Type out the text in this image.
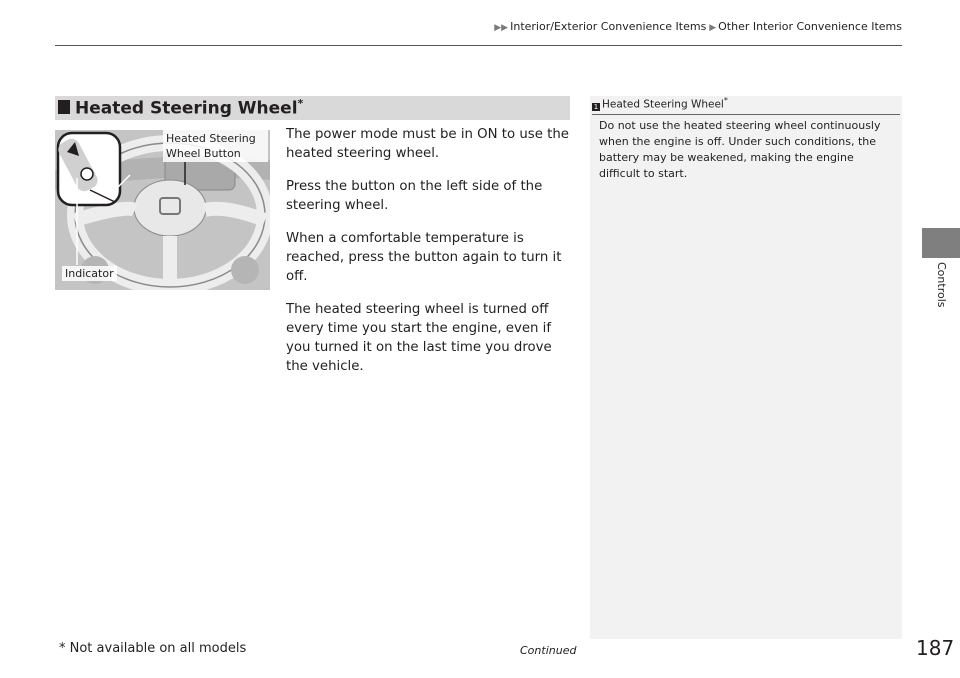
▶▶ Interior/Exterior Convenience Items ▶ Other Interior Convenience Items
Heated Steering Wheel*
Heated Steering Wheel Button
Indicator

The power mode must be in ON to use the heated steering wheel.

Press the button on the left side of the steering wheel.

When a comfortable temperature is reached, press the button again to turn it off.

The heated steering wheel is turned off every time you start the engine, even if you turned it on the last time you drove the vehicle.

1 Heated Steering Wheel*
Do not use the heated steering wheel continuously when the engine is off. Under such conditions, the battery may be weakened, making the engine difficult to start.
Controls
* Not available on all models	Continued	187
